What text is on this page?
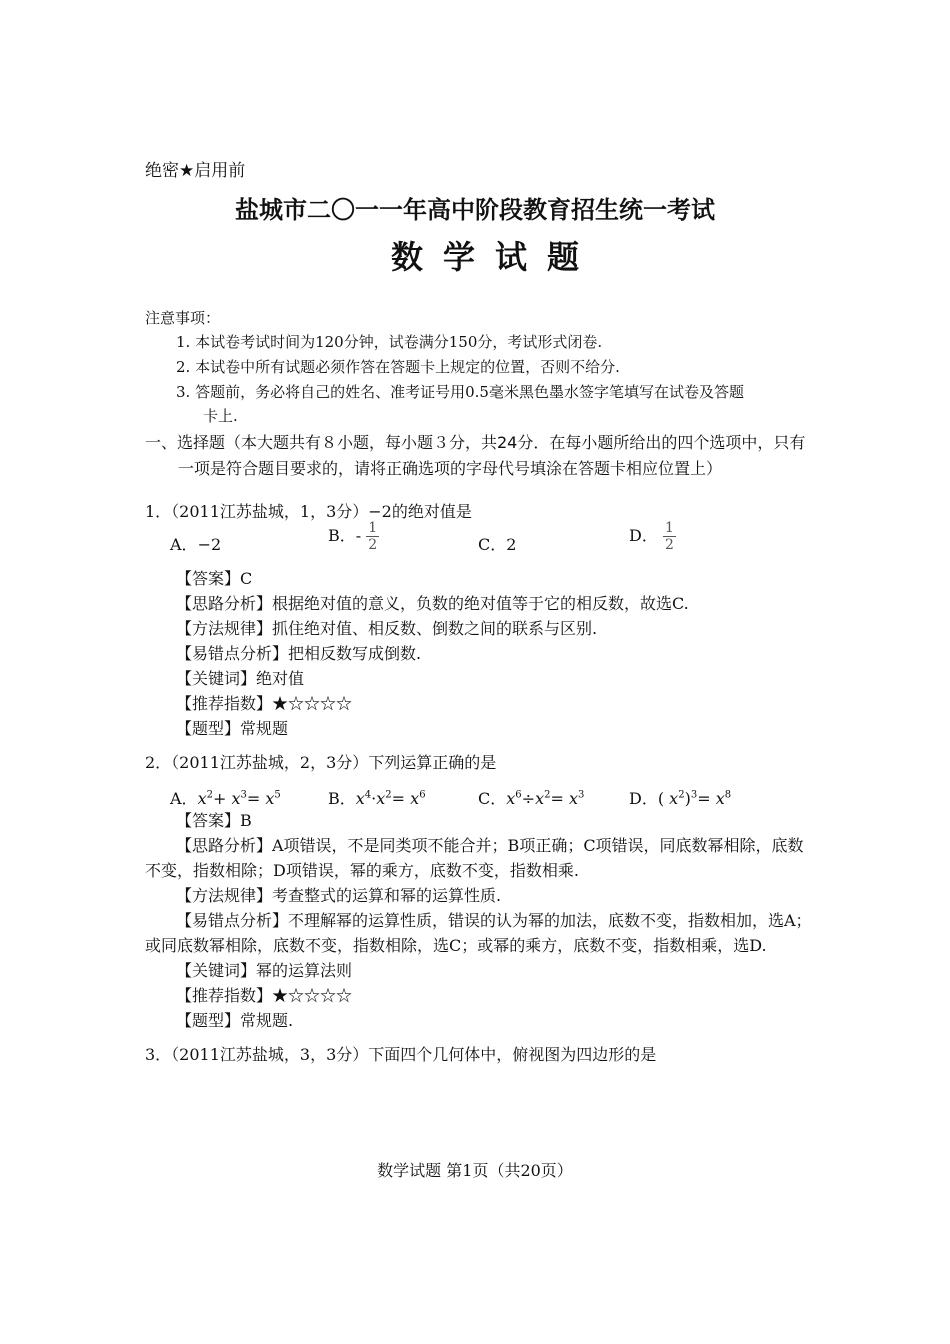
绝密★启用前
盐城市二〇一一年高中阶段教育招生统一考试
数学试题
注意事项：
1. 本试卷考试时间为120分钟，试卷满分150分，考试形式闭卷.
2. 本试卷中所有试题必须作答在答题卡上规定的位置，否则不给分.
3. 答题前，务必将自己的姓名、准考证号用0.5毫米黑色墨水签字笔填写在试卷及答题
卡上.
一、选择题（本大题共有８小题，每小题３分，共24分．在每小题所给出的四个选项中，只有
一项是符合题目要求的，请将正确选项的字母代号填涂在答题卡相应位置上）
1．（2011江苏盐城，1，3分）−2的绝对值是
A．−2	B．- $\frac{1}{2}$	C．2	D． $\frac{1}{2}$
【答案】C
【思路分析】根据绝对值的意义，负数的绝对值等于它的相反数，故选C.
【方法规律】抓住绝对值、相反数、倒数之间的联系与区别.
【易错点分析】把相反数写成倒数.
【关键词】绝对值
【推荐指数】★☆☆☆☆
【题型】常规题
2．（2011江苏盐城，2，3分）下列运算正确的是
A．$x^2+ x^3= x^5$	B．$x^4\cdot x^2= x^6$	C．$x^6\div x^2= x^3$	D．( $x^2)^3= x^8$
【答案】B
【思路分析】A项错误，不是同类项不能合并；B项正确；C项错误，同底数幂相除，底数
不变，指数相除；D项错误，幂的乘方，底数不变，指数相乘.
【方法规律】考查整式的运算和幂的运算性质.
【易错点分析】不理解幂的运算性质，错误的认为幂的加法，底数不变，指数相加，选A；
或同底数幂相除，底数不变，指数相除，选C；或幂的乘方，底数不变，指数相乘，选D.
【关键词】幂的运算法则
【推荐指数】★☆☆☆☆
【题型】常规题.
3．（2011江苏盐城，3，3分）下面四个几何体中，俯视图为四边形的是
数学试题 第1页（共20页）
